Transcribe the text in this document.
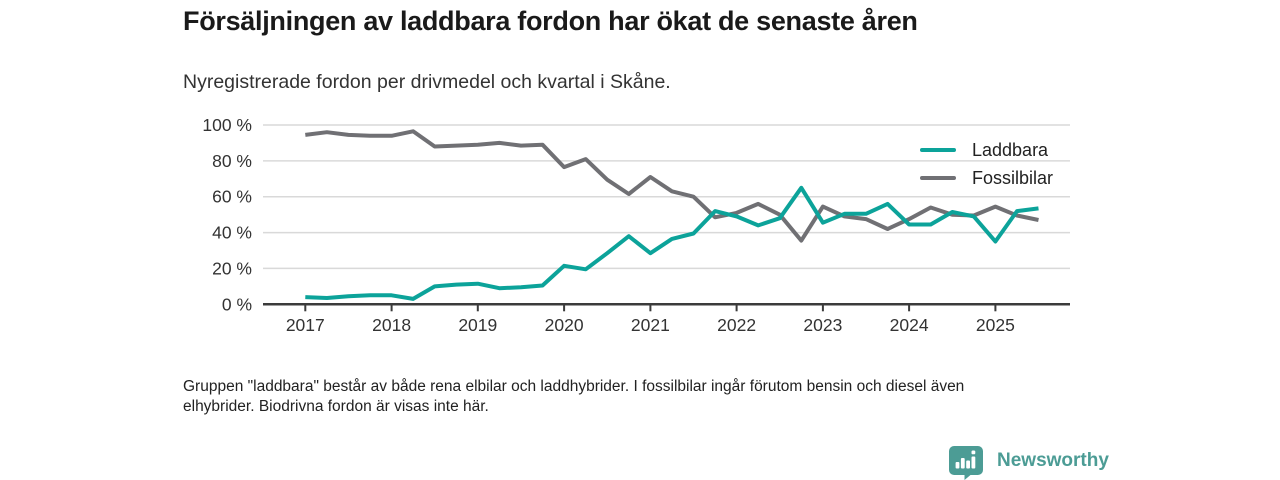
Försäljningen av laddbara fordon har ökat de senaste åren

Nyregistrerade fordon per drivmedel och kvartal i Skåne.

0 %
20 %
40 %
60 %
80 %
100 %
2017	2018	2019	2020	2021	2022	2023	2024	2025
Laddbara
Fossilbilar
Gruppen "laddbara" består av både rena elbilar och laddhybrider. I fossilbilar ingår förutom bensin och diesel även
elhybrider. Biodrivna fordon är visas inte här.
Newsworthy
